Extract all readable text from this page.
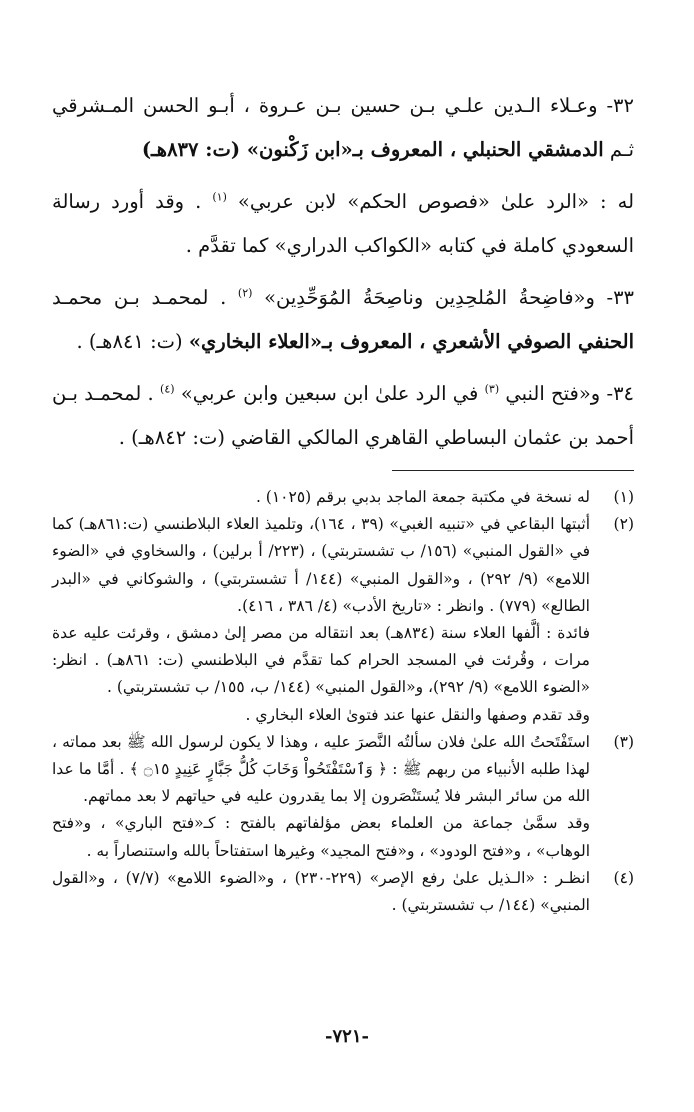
٣٢- وعـلاء الـدين علـي بـن حسين بـن عـروة ، أبـو الحسن المـشرقي ثـم الدمشقي الحنبلي ، المعروف بـ«ابن زَكْنون» (ت: ٨٣٧هـ)

له : «الرد علىٰ «فصوص الحكم» لابن عربي» $^{(١)}$ . وقد أورد رسالة السعودي كاملة في كتابه «الكواكب الدراري» كما تقدَّم .

٣٣- و«فاضِحةُ المُلحِدِين وناصِحَةُ المُوَحِّدِين» $^{(٢)}$ . لمحمـد بـن محمـد الحنفي الصوفي الأشعري ، المعروف بـ«العلاء البخاري» (ت: ٨٤١هـ) .

٣٤- و«فتح النبي $^{(٣)}$ في الرد علىٰ ابن سبعين وابن عربي» $^{(٤)}$ . لمحمـد بـن أحمد بن عثمان البساطي القاهري المالكي القاضي (ت: ٨٤٢هـ) .

(١)

له نسخة في مكتبة جمعة الماجد بدبي برقم (١٠٢٥) .

(٢)

أثبتها البقاعي في «تنبيه الغبي» (٣٩ ، ١٦٤)، وتلميذ العلاء البلاطنسي (ت:٨٦١هـ) كما في «القول المنبي» (١٥٦/ ب تشستربتي) ، (٢٢٣/ أ برلين) ، والسخاوي في «الضوء اللامع» (٩/ ٢٩٢) ، و«القول المنبي» (١٤٤/ أ تشستربتي) ، والشوكاني في «البدر الطالع» (٧٧٩) . وانظر : «تاريخ الأدب» (٤/ ٣٨٦ ، ٤١٦).

فائدة : ألَّفها العلاء سنة (٨٣٤هـ) بعد انتقاله من مصر إلىٰ دمشق ، وقرئت عليه عدة مرات ، وقُرئت في المسجد الحرام كما تقدَّم في البلاطنسي (ت: ٨٦١هـ) . انظر: «الضوء اللامع» (٩/ ٢٩٢)، و«القول المنبي» (١٤٤/ ب، ١٥٥/ ب تشستربتي) .

وقد تقدم وصفها والنقل عنها عند فتوىٰ العلاء البخاري .

(٣)

استَفْتَحتُ الله علىٰ فلان سألتُه النَّصرَ عليه ، وهذا لا يكون لرسول الله ﷺ بعد مماته ، لهذا طلبه الأنبياء من ربهم ﷺ : ﴿ وَٱسْتَفْتَحُواْ وَخَابَ كُلُّ جَبَّارٍ عَنِيدٍ ۝١٥ ﴾ . أمَّا ما عدا الله من سائر البشر فلا يُستَنْصَرون إلا بما يقدرون عليه في حياتهم لا بعد مماتهم.

وقد سمَّىٰ جماعة من العلماء بعض مؤلفاتهم بالفتح : كـ«فتح الباري» ، و«فتح الوهاب» ، و«فتح الودود» ، و«فتح المجيد» وغيرها استفتاحاً بالله واستنصاراً به .

(٤)

انظـر : «الـذيل علىٰ رفع الإصر» (٢٢٩-٢٣٠) ، و«الضوء اللامع» (٧/٧) ، و«القول المنبي» (١٤٤/ ب تشستربتي) .

-٧٢١-
